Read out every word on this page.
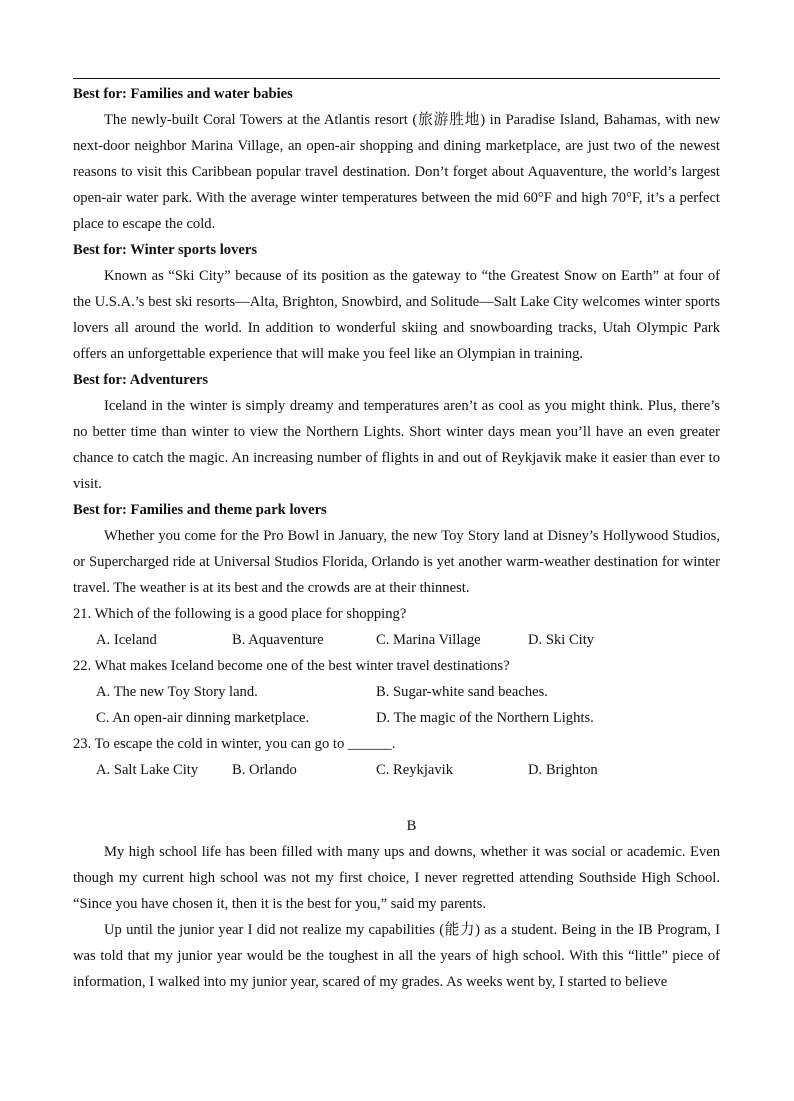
Best for: Families and water babies

The newly-built Coral Towers at the Atlantis resort (旅游胜地) in Paradise Island, Bahamas, with new next-door neighbor Marina Village, an open-air shopping and dining marketplace, are just two of the newest reasons to visit this Caribbean popular travel destination. Don’t forget about Aquaventure, the world’s largest open-air water park. With the average winter temperatures between the mid 60°F and high 70°F, it’s a perfect place to escape the cold.

Best for: Winter sports lovers

Known as “Ski City” because of its position as the gateway to “the Greatest Snow on Earth” at four of the U.S.A.’s best ski resorts—Alta, Brighton, Snowbird, and Solitude—Salt Lake City welcomes winter sports lovers all around the world. In addition to wonderful skiing and snowboarding tracks, Utah Olympic Park offers an unforgettable experience that will make you feel like an Olympian in training.

Best for: Adventurers

Iceland in the winter is simply dreamy and temperatures aren’t as cool as you might think. Plus, there’s no better time than winter to view the Northern Lights. Short winter days mean you’ll have an even greater chance to catch the magic. An increasing number of flights in and out of Reykjavik make it easier than ever to visit.

Best for: Families and theme park lovers

Whether you come for the Pro Bowl in January, the new Toy Story land at Disney’s Hollywood Studios, or Supercharged ride at Universal Studios Florida, Orlando is yet another warm-weather destination for winter travel. The weather is at its best and the crowds are at their thinnest.

21. Which of the following is a good place for shopping?

A. Iceland	B. Aquaventure	C. Marina Village	D. Ski City

22. What makes Iceland become one of the best winter travel destinations?

A. The new Toy Story land.	B. Sugar-white sand beaches.
C. An open-air dinning marketplace.	D. The magic of the Northern Lights.

23. To escape the cold in winter, you can go to ______.

A. Salt Lake City B. Orlando	C. Reykjavik	D. Brighton
B

My high school life has been filled with many ups and downs, whether it was social or academic. Even though my current high school was not my first choice, I never regretted attending Southside High School. “Since you have chosen it, then it is the best for you,” said my parents.

Up until the junior year I did not realize my capabilities (能力) as a student. Being in the IB Program, I was told that my junior year would be the toughest in all the years of high school. With this “little” piece of information, I walked into my junior year, scared of my grades. As weeks went by, I started to believe
